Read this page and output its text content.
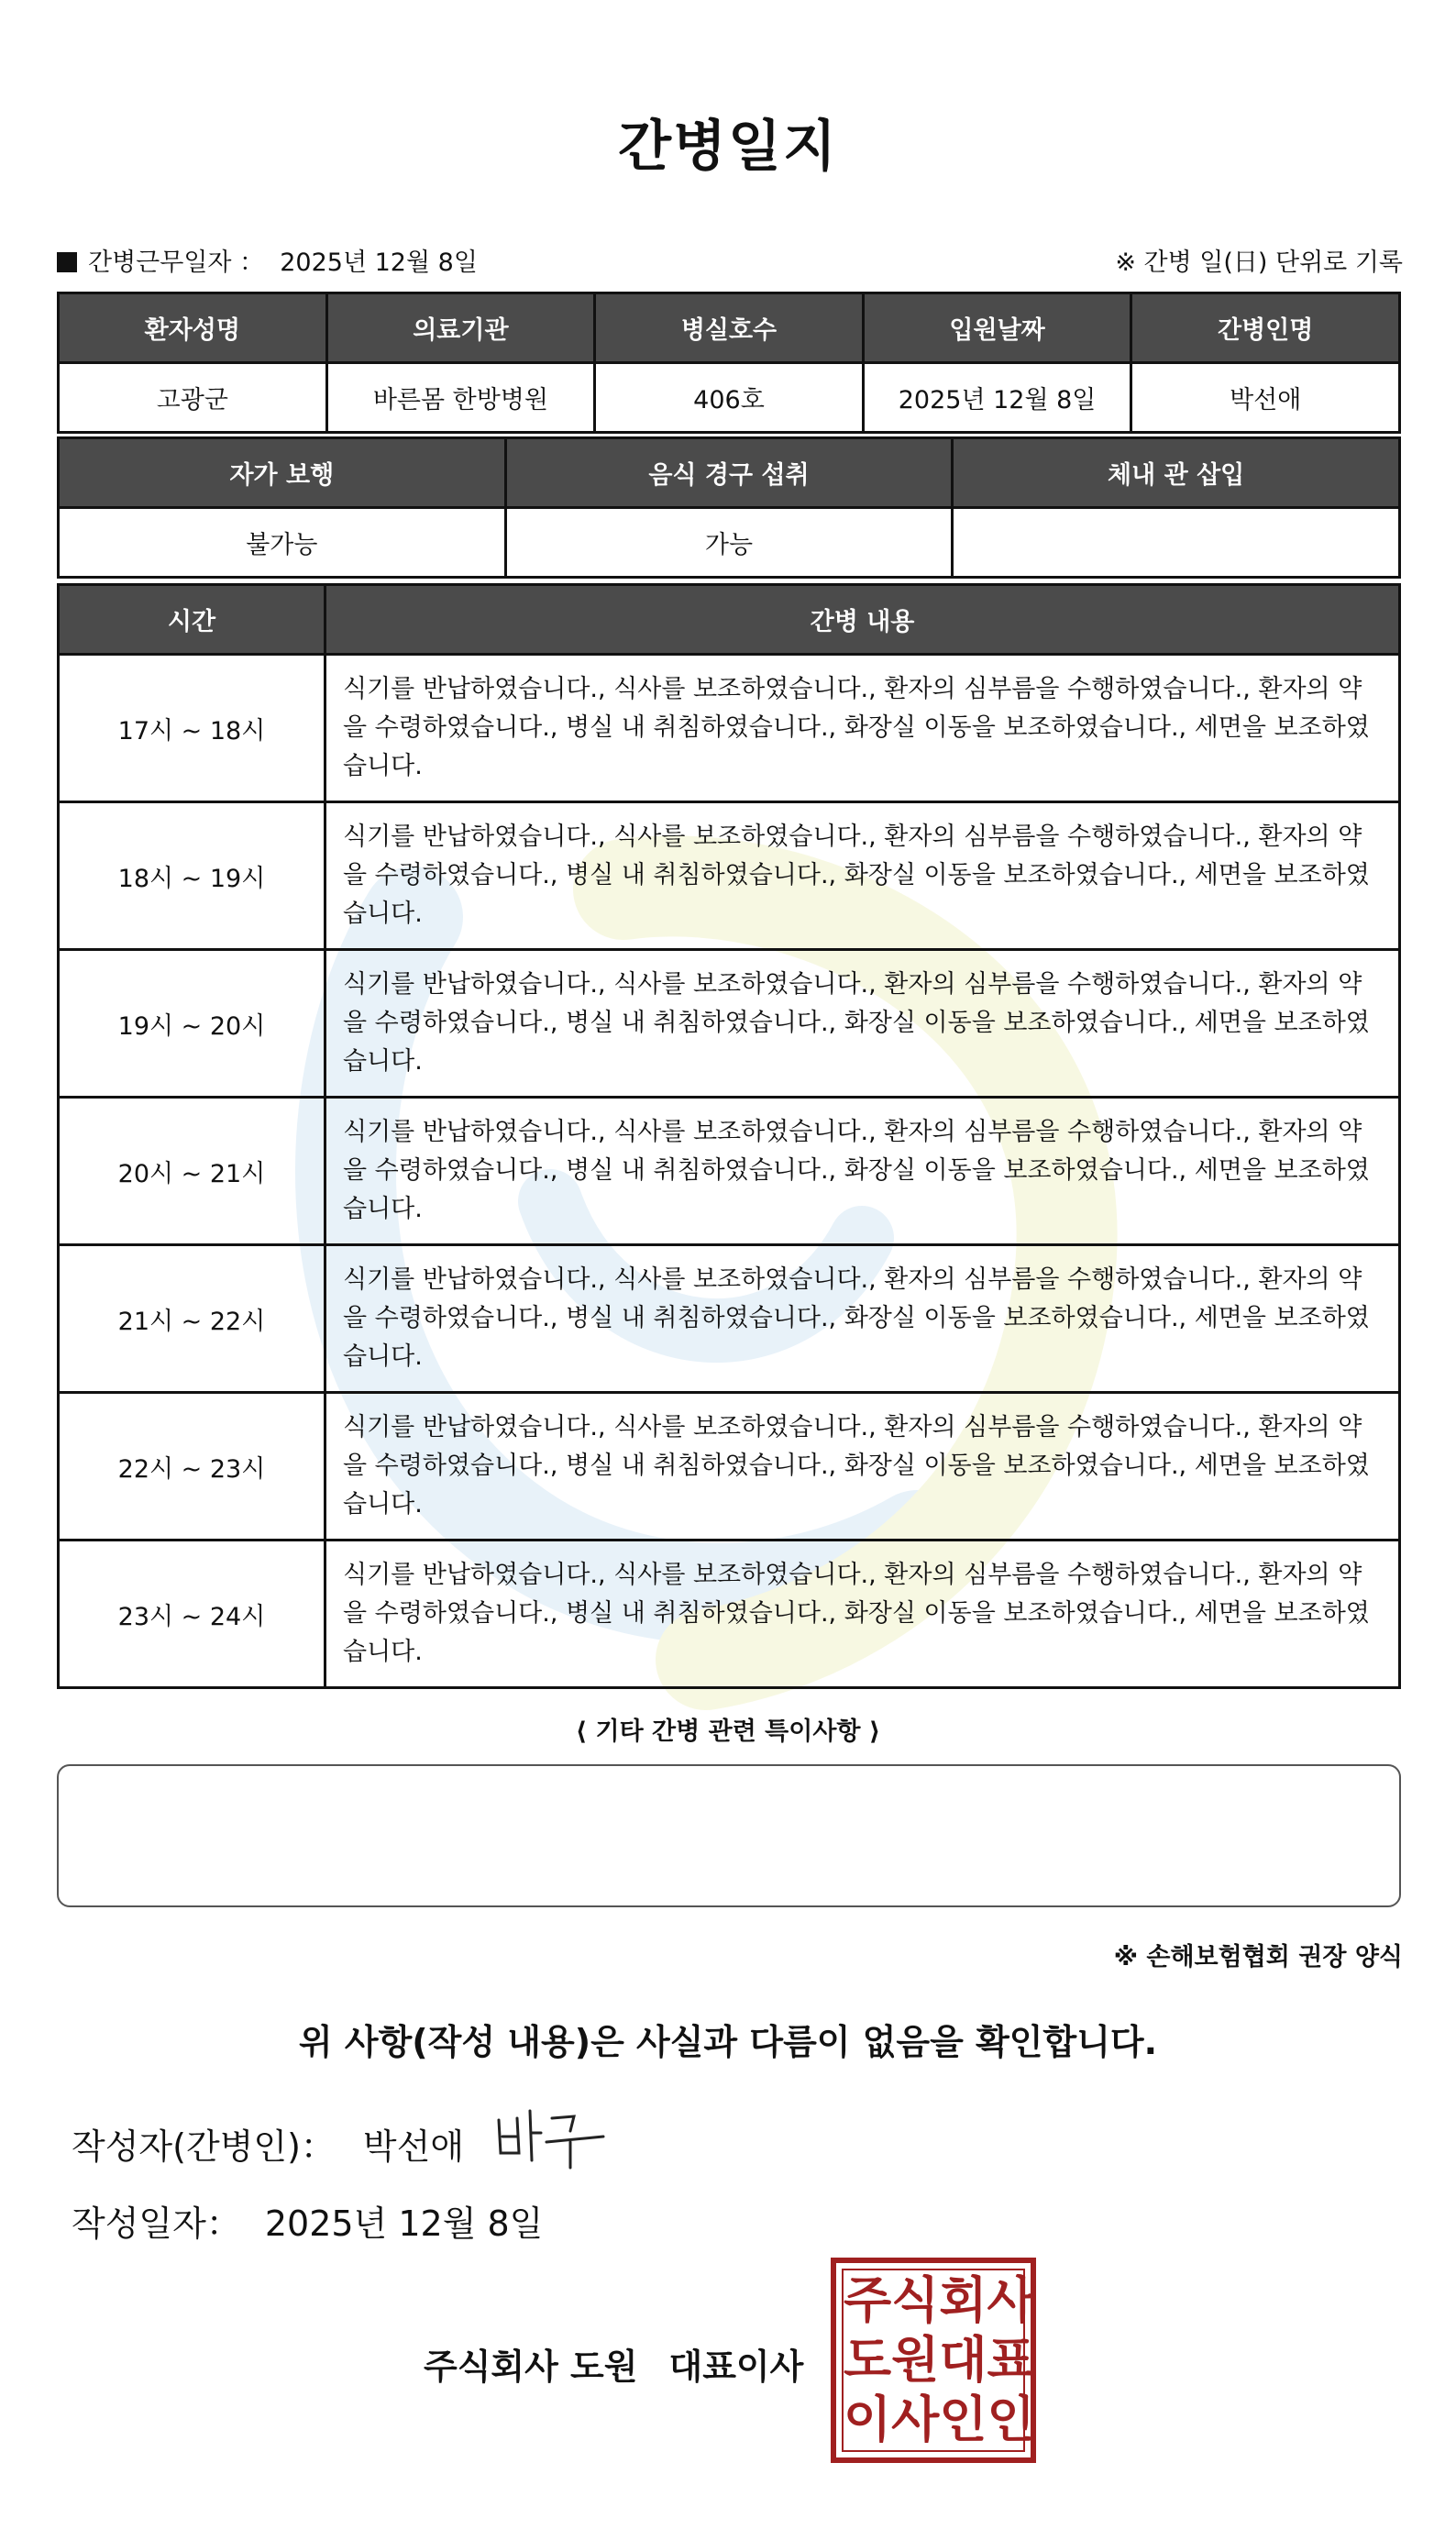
간병일지
간병근무일자 ： 2025년 12월 8일	※ 간병 일(日) 단위로 기록
환자성명	의료기관	병실호수	입원날짜	간병인명
고광군	바른몸 한방병원	406호	2025년 12월 8일	박선애
자가 보행	음식 경구 섭취	체내 관 삽입
불가능	가능	
시간	간병 내용
17시 ~ 18시	식기를 반납하였습니다., 식사를 보조하였습니다., 환자의 심부름을 수행하였습니다., 환자의 약을 수령하였습니다., 병실 내 취침하였습니다., 화장실 이동을 보조하였습니다., 세면을 보조하였습니다.
18시 ~ 19시	식기를 반납하였습니다., 식사를 보조하였습니다., 환자의 심부름을 수행하였습니다., 환자의 약을 수령하였습니다., 병실 내 취침하였습니다., 화장실 이동을 보조하였습니다., 세면을 보조하였습니다.
19시 ~ 20시	식기를 반납하였습니다., 식사를 보조하였습니다., 환자의 심부름을 수행하였습니다., 환자의 약을 수령하였습니다., 병실 내 취침하였습니다., 화장실 이동을 보조하였습니다., 세면을 보조하였습니다.
20시 ~ 21시	식기를 반납하였습니다., 식사를 보조하였습니다., 환자의 심부름을 수행하였습니다., 환자의 약을 수령하였습니다., 병실 내 취침하였습니다., 화장실 이동을 보조하였습니다., 세면을 보조하였습니다.
21시 ~ 22시	식기를 반납하였습니다., 식사를 보조하였습니다., 환자의 심부름을 수행하였습니다., 환자의 약을 수령하였습니다., 병실 내 취침하였습니다., 화장실 이동을 보조하였습니다., 세면을 보조하였습니다.
22시 ~ 23시	식기를 반납하였습니다., 식사를 보조하였습니다., 환자의 심부름을 수행하였습니다., 환자의 약을 수령하였습니다., 병실 내 취침하였습니다., 화장실 이동을 보조하였습니다., 세면을 보조하였습니다.
23시 ~ 24시	식기를 반납하였습니다., 식사를 보조하였습니다., 환자의 심부름을 수행하였습니다., 환자의 약을 수령하였습니다., 병실 내 취침하였습니다., 화장실 이동을 보조하였습니다., 세면을 보조하였습니다.
⟨ 기타 간병 관련 특이사항 ⟩
※ 손해보험협회 권장 양식
위 사항(작성 내용)은 사실과 다름이 없음을 확인합니다.
작성자(간병인)： 박선애
작성일자： 2025년 12월 8일
주식회사 도원 대표이사
주 식 회 사
도 원 대 표
이 사 인 인
